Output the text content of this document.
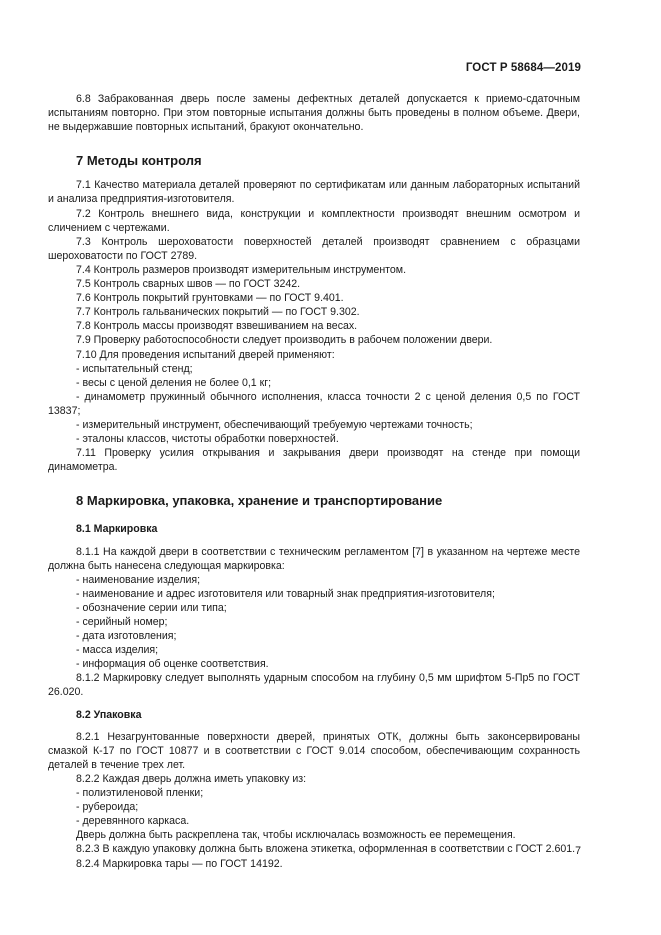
ГОСТ Р 58684—2019

6.8 Забракованная дверь после замены дефектных деталей допускается к приемо-сдаточным испытаниям повторно. При этом повторные испытания должны быть проведены в полном объеме. Двери, не выдержавшие повторных испытаний, бракуют окончательно.

7 Методы контроля

7.1 Качество материала деталей проверяют по сертификатам или данным лабораторных испытаний и анализа предприятия-изготовителя.

7.2 Контроль внешнего вида, конструкции и комплектности производят внешним осмотром и сличением с чертежами.

7.3 Контроль шероховатости поверхностей деталей производят сравнением с образцами шероховатости по ГОСТ 2789.

7.4 Контроль размеров производят измерительным инструментом.

7.5 Контроль сварных швов — по ГОСТ 3242.

7.6 Контроль покрытий грунтовками — по ГОСТ 9.401.

7.7 Контроль гальванических покрытий — по ГОСТ 9.302.

7.8 Контроль массы производят взвешиванием на весах.

7.9 Проверку работоспособности следует производить в рабочем положении двери.

7.10 Для проведения испытаний дверей применяют:

- испытательный стенд;

- весы с ценой деления не более 0,1 кг;

- динамометр пружинный обычного исполнения, класса точности 2 с ценой деления 0,5 по ГОСТ 13837;

- измерительный инструмент, обеспечивающий требуемую чертежами точность;

- эталоны классов, чистоты обработки поверхностей.

7.11 Проверку усилия открывания и закрывания двери производят на стенде при помощи динамометра.

8 Маркировка, упаковка, хранение и транспортирование

8.1 Маркировка

8.1.1 На каждой двери в соответствии с техническим регламентом [7] в указанном на чертеже месте должна быть нанесена следующая маркировка:

- наименование изделия;

- наименование и адрес изготовителя или товарный знак предприятия-изготовителя;

- обозначение серии или типа;

- серийный номер;

- дата изготовления;

- масса изделия;

- информация об оценке соответствия.

8.1.2 Маркировку следует выполнять ударным способом на глубину 0,5 мм шрифтом 5-Пр5 по ГОСТ 26.020.

8.2 Упаковка

8.2.1 Незагрунтованные поверхности дверей, принятых ОТК, должны быть законсервированы смазкой К-17 по ГОСТ 10877 и в соответствии с ГОСТ 9.014 способом, обеспечивающим сохранность деталей в течение трех лет.

8.2.2 Каждая дверь должна иметь упаковку из:

- полиэтиленовой пленки;

- рубероида;

- деревянного каркаса.

Дверь должна быть раскреплена так, чтобы исключалась возможность ее перемещения.

8.2.3 В каждую упаковку должна быть вложена этикетка, оформленная в соответствии с ГОСТ 2.601.

8.2.4 Маркировка тары — по ГОСТ 14192.

7
